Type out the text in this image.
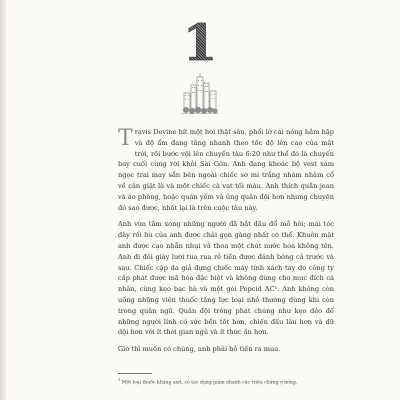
1

Travis Devine hít một hơi thật sâu, phổi lờ cái nóng hầm hập và độ ẩm đang tăng nhanh theo tốc độ lên cao của mặt trời, rồi bước vội lên chuyến tàu 6:20 như thể đó là chuyến bay cuối cùng rời khỏi Sài Gòn. Anh đang khoác bộ vest xám ngọc trai may sẵn bên ngoài chiếc sơ mi trắng nhàm nhàm cổ về cân giặt là và một chiếc cà vạt tối màu. Anh thích quần jean và áo phông, hoặc quân yếm và ủng quân đội hơn nhưng chuyện đó sao được, nhất lại là trên cuộc tàu này.

Anh vừa tắm xong những người đã bắt đầu đổ mồ hôi; mái tóc dày rối bù của anh được chải gọn gàng nhất có thể. Khuôn mặt anh được cạo nhẵn nhụi và thoa một chút nước hoa không tên. Anh đi đôi giày lười tua rua rẻ tiền được đánh bóng cả trước và sau. Chiếc cặp da giả đựng chiếc máy tính xách tay do công ty cấp phát được mã hóa đặc biệt và không dùng cho mục đích cá nhân, cùng kẹo bạc hà và một gói Pepcid AC¹. Anh không còn uống những viên thuốc tăng lực loại nhỏ thường dùng khi còn trong quân ngũ. Quân đội trông phát chúng như kẹo dẻo để những người lính có sức bền tốt hơn, chiến đấu lâu hơn và dữ dội hơn với ít thời gian ngủ và ít thức ăn hơn.

Giờ thì muốn có chúng, anh phải bỏ tiền ra mua.

$^1$ Một loại thuốc kháng axit, có tác dụng giảm nhanh các triệu chứng ợ nóng.
